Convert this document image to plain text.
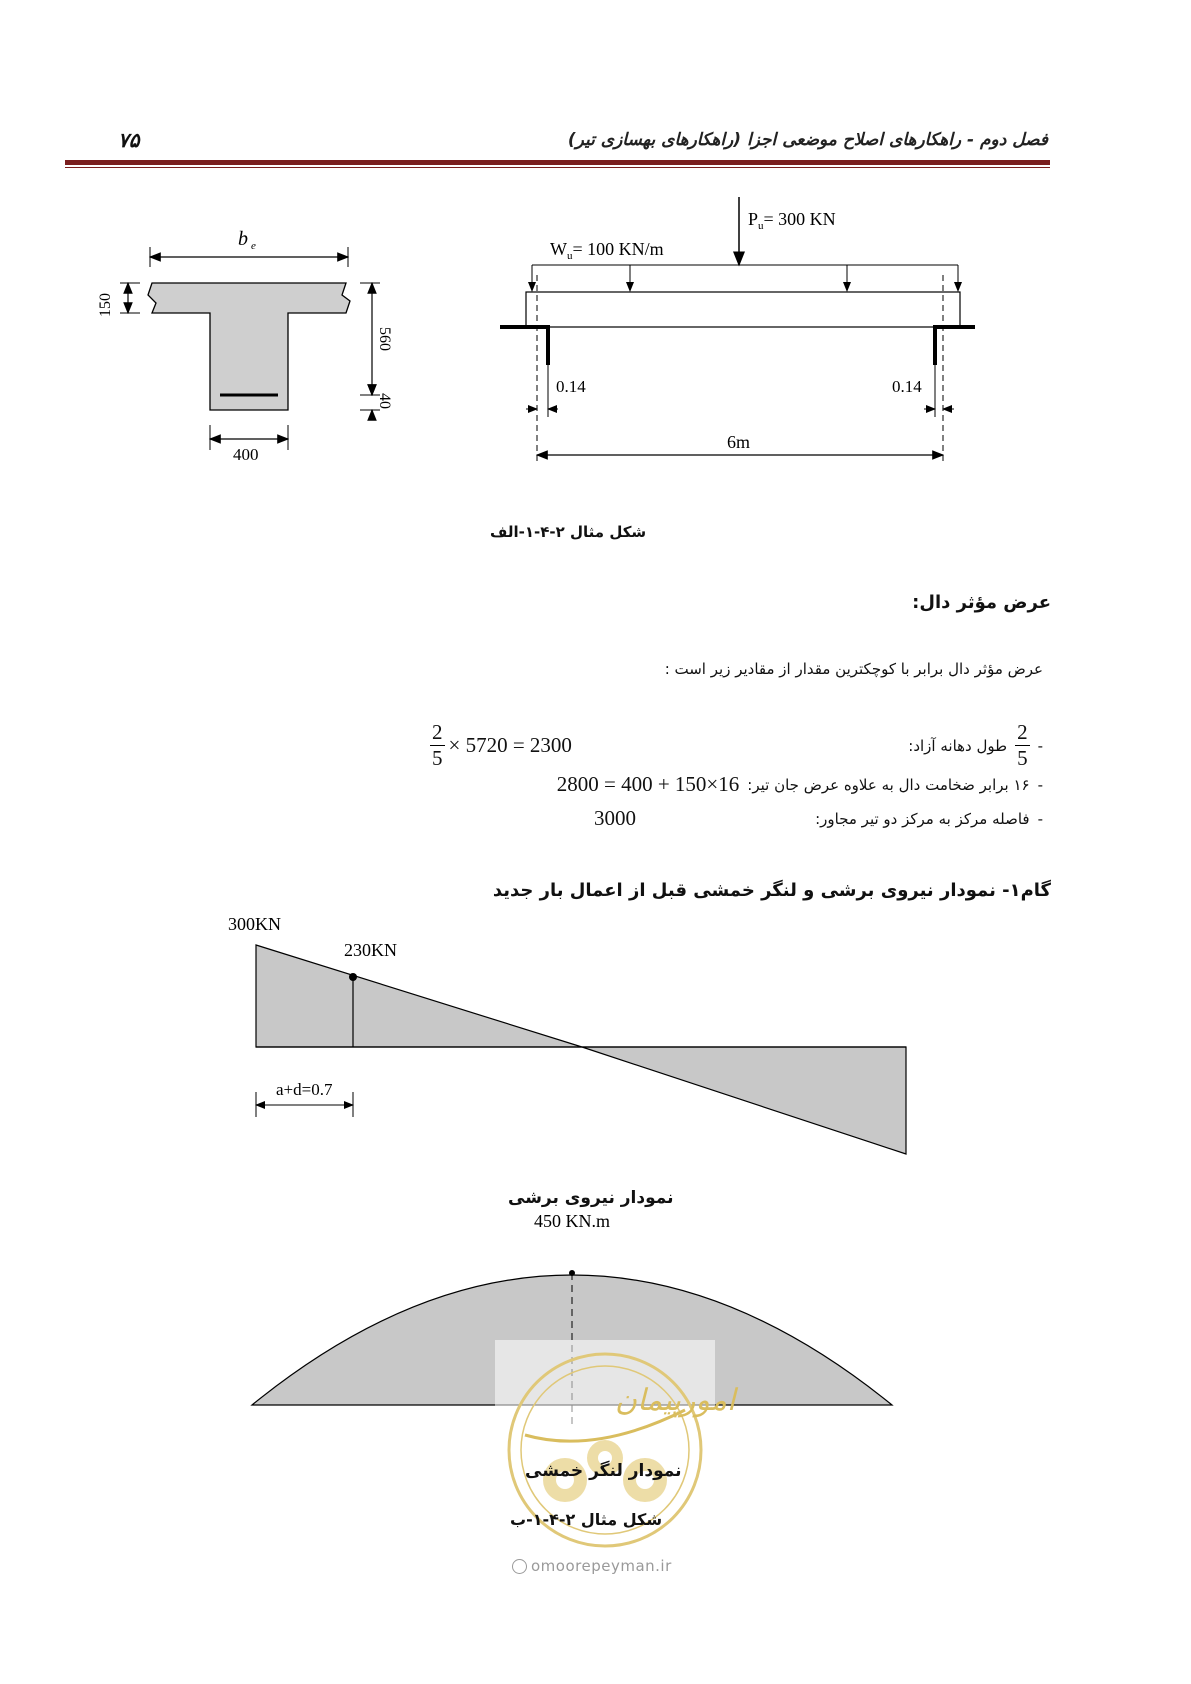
فصل دوم - راهکارهای اصلاح موضعی اجزا (راهکارهای بهسازی تیر)
۷۵
b e
150
560
40
400
$P_u= 300$ KN
$W_u= 100$ KN/m
0.14	0.14
6m
شکل مثال ۲-۴-۱-الف
عرض مؤثر دال:
عرض مؤثر دال برابر با کوچکترین مقدار از مقادیر زیر است :
-
$\frac{2}{5}$
طول دهانه آزاد:
$\frac{2}{5} \times 5720 = 2300$
-
۱۶ برابر ضخامت دال به علاوه عرض جان تیر:
2800 = 400 + 150×16
-
فاصله مرکز به مرکز دو تیر مجاور:
3000
گام۱- نمودار نیروی برشی و لنگر خمشی قبل از اعمال بار جدید
300KN
230KN
a+d=0.7
نمودار نیروی برشی
450 KN.m
امورپیمان
نمودار لنگر خمشی
شکل مثال ۲-۴-۱-ب
omoorepeyman.ir
